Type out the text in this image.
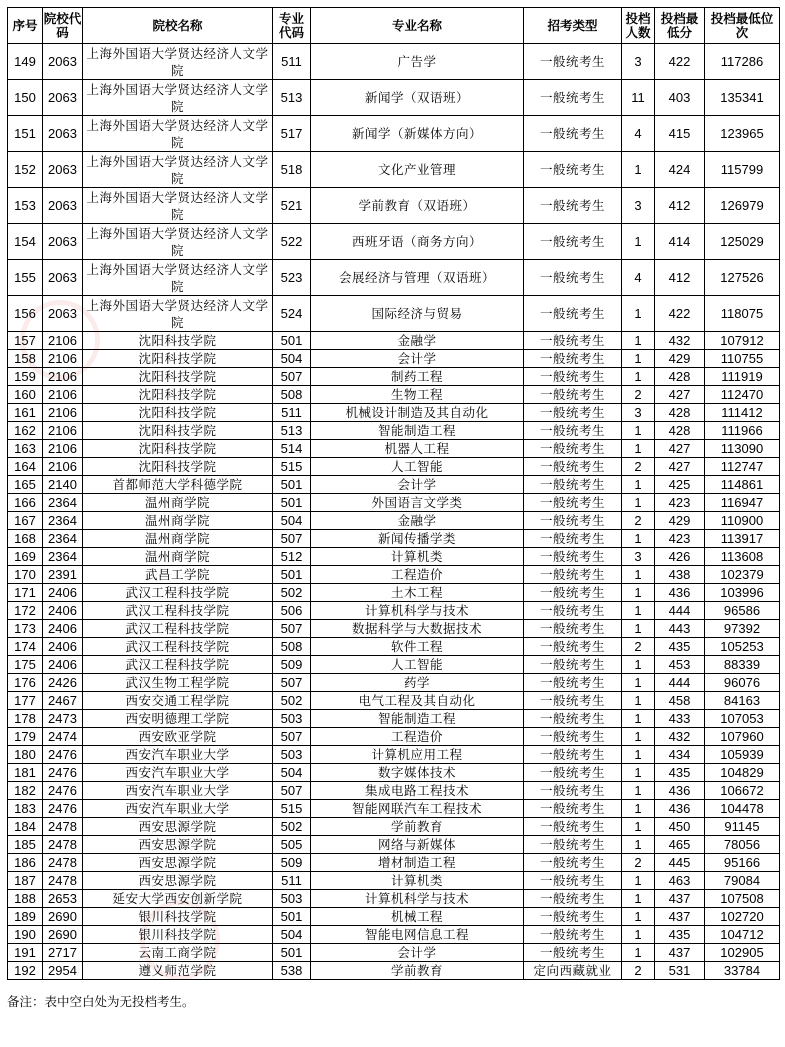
序号	院校代码	院校名称	专业代码	专业名称	招考类型	投档人数	投档最低分	投档最低位次
149	2063	上海外国语大学贤达经济人文学院	511	广告学	一般统考生	3	422	117286
150	2063	上海外国语大学贤达经济人文学院	513	新闻学（双语班）	一般统考生	11	403	135341
151	2063	上海外国语大学贤达经济人文学院	517	新闻学（新媒体方向）	一般统考生	4	415	123965
152	2063	上海外国语大学贤达经济人文学院	518	文化产业管理	一般统考生	1	424	115799
153	2063	上海外国语大学贤达经济人文学院	521	学前教育（双语班）	一般统考生	3	412	126979
154	2063	上海外国语大学贤达经济人文学院	522	西班牙语（商务方向）	一般统考生	1	414	125029
155	2063	上海外国语大学贤达经济人文学院	523	会展经济与管理（双语班）	一般统考生	4	412	127526
156	2063	上海外国语大学贤达经济人文学院	524	国际经济与贸易	一般统考生	1	422	118075
157	2106	沈阳科技学院	501	金融学	一般统考生	1	432	107912
158	2106	沈阳科技学院	504	会计学	一般统考生	1	429	110755
159	2106	沈阳科技学院	507	制药工程	一般统考生	1	428	111919
160	2106	沈阳科技学院	508	生物工程	一般统考生	2	427	112470
161	2106	沈阳科技学院	511	机械设计制造及其自动化	一般统考生	3	428	111412
162	2106	沈阳科技学院	513	智能制造工程	一般统考生	1	428	111966
163	2106	沈阳科技学院	514	机器人工程	一般统考生	1	427	113090
164	2106	沈阳科技学院	515	人工智能	一般统考生	2	427	112747
165	2140	首都师范大学科德学院	501	会计学	一般统考生	1	425	114861
166	2364	温州商学院	501	外国语言文学类	一般统考生	1	423	116947
167	2364	温州商学院	504	金融学	一般统考生	2	429	110900
168	2364	温州商学院	507	新闻传播学类	一般统考生	1	423	113917
169	2364	温州商学院	512	计算机类	一般统考生	3	426	113608
170	2391	武昌工学院	501	工程造价	一般统考生	1	438	102379
171	2406	武汉工程科技学院	502	土木工程	一般统考生	1	436	103996
172	2406	武汉工程科技学院	506	计算机科学与技术	一般统考生	1	444	96586
173	2406	武汉工程科技学院	507	数据科学与大数据技术	一般统考生	1	443	97392
174	2406	武汉工程科技学院	508	软件工程	一般统考生	2	435	105253
175	2406	武汉工程科技学院	509	人工智能	一般统考生	1	453	88339
176	2426	武汉生物工程学院	507	药学	一般统考生	1	444	96076
177	2467	西安交通工程学院	502	电气工程及其自动化	一般统考生	1	458	84163
178	2473	西安明德理工学院	503	智能制造工程	一般统考生	1	433	107053
179	2474	西安欧亚学院	507	工程造价	一般统考生	1	432	107960
180	2476	西安汽车职业大学	503	计算机应用工程	一般统考生	1	434	105939
181	2476	西安汽车职业大学	504	数字媒体技术	一般统考生	1	435	104829
182	2476	西安汽车职业大学	507	集成电路工程技术	一般统考生	1	436	106672
183	2476	西安汽车职业大学	515	智能网联汽车工程技术	一般统考生	1	436	104478
184	2478	西安思源学院	502	学前教育	一般统考生	1	450	91145
185	2478	西安思源学院	505	网络与新媒体	一般统考生	1	465	78056
186	2478	西安思源学院	509	增材制造工程	一般统考生	2	445	95166
187	2478	西安思源学院	511	计算机类	一般统考生	1	463	79084
188	2653	延安大学西安创新学院	503	计算机科学与技术	一般统考生	1	437	107508
189	2690	银川科技学院	501	机械工程	一般统考生	1	437	102720
190	2690	银川科技学院	504	智能电网信息工程	一般统考生	1	435	104712
191	2717	云南工商学院	501	会计学	一般统考生	1	437	102905
192	2954	遵义师范学院	538	学前教育	定向西藏就业	2	531	33784
备注：表中空白处为无投档考生。
